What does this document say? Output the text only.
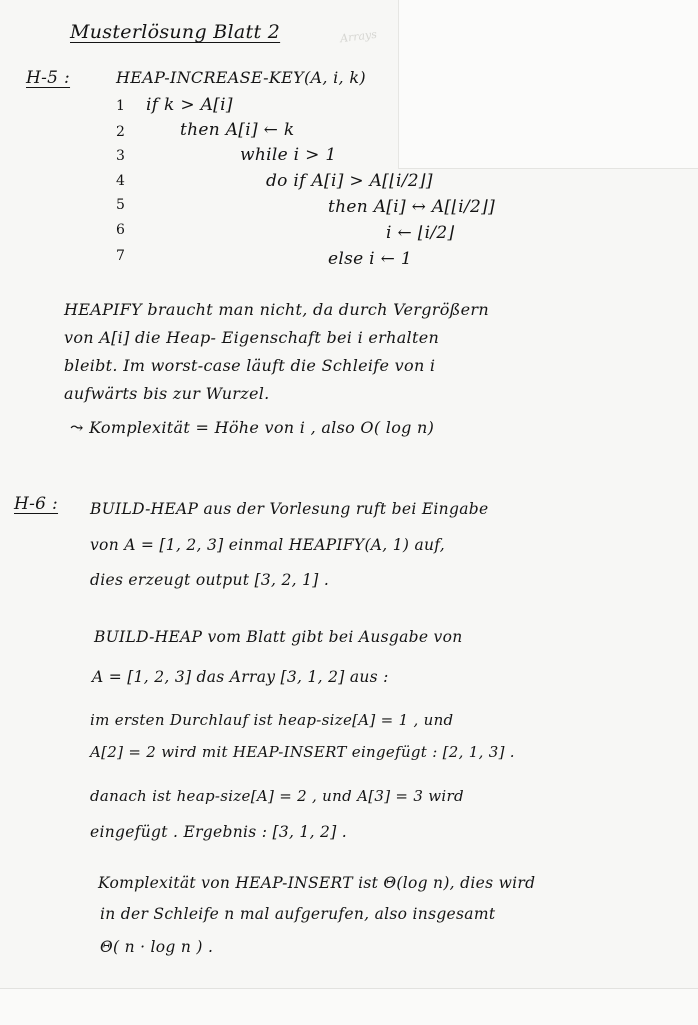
Arrays
Musterlösung Blatt 2
H-5 :	HEAP-INCREASE-KEY(A, i, k)
1
2
3
4
5
6
7
if k > A[i]
then A[i] ← k
while i > 1
do if A[i] > A[⌊i/2⌋]
then A[i] ↔ A[⌊i/2⌋]
i ← ⌊i/2⌋
else i ← 1
HEAPIFY braucht man nicht, da durch Vergrößern
von A[i] die Heap- Eigenschaft bei i erhalten
bleibt. Im worst-case läuft die Schleife von i
aufwärts bis zur Wurzel.
⤳ Komplexität = Höhe von i , also O( log n)
H-6 : BUILD-HEAP aus der Vorlesung ruft bei Eingabe
von A = [1, 2, 3] einmal HEAPIFY(A, 1) auf,
dies erzeugt output [3, 2, 1] .
BUILD-HEAP vom Blatt gibt bei Ausgabe von
A = [1, 2, 3] das Array [3, 1, 2] aus :
im ersten Durchlauf ist heap-size[A] = 1 , und
A[2] = 2 wird mit HEAP-INSERT eingefügt : [2, 1, 3] .
danach ist heap-size[A] = 2 , und A[3] = 3 wird
eingefügt . Ergebnis : [3, 1, 2] .
Komplexität von HEAP-INSERT ist Θ(log n), dies wird
in der Schleife n mal aufgerufen, also insgesamt
Θ( n · log n ) .
